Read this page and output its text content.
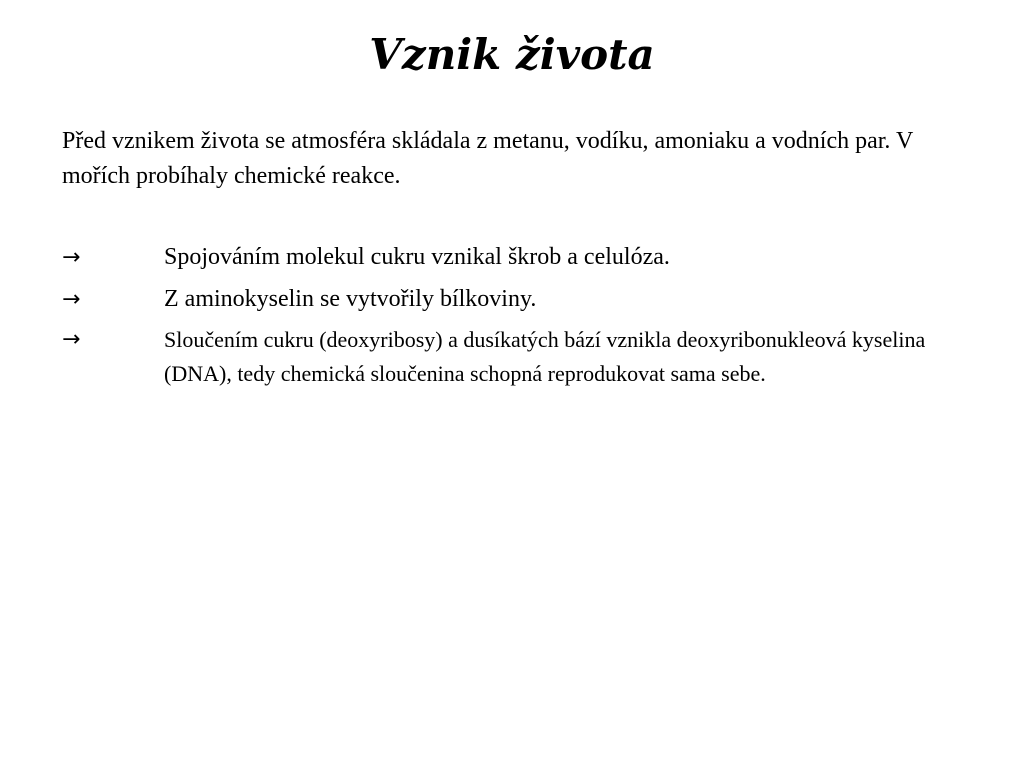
Vznik života

Před vznikem života se atmosféra skládala z metanu, vodíku, amoniaku a vodních par. V mořích probíhaly chemické reakce.

→	Spojováním molekul cukru vznikal škrob a celulóza.
→	Z aminokyselin se vytvořily bílkoviny.
→	Sloučením cukru (deoxyribosy) a dusíkatých bází vznikla deoxyribonukleová kyselina (DNA), tedy chemická sloučenina schopná reprodukovat sama sebe.
